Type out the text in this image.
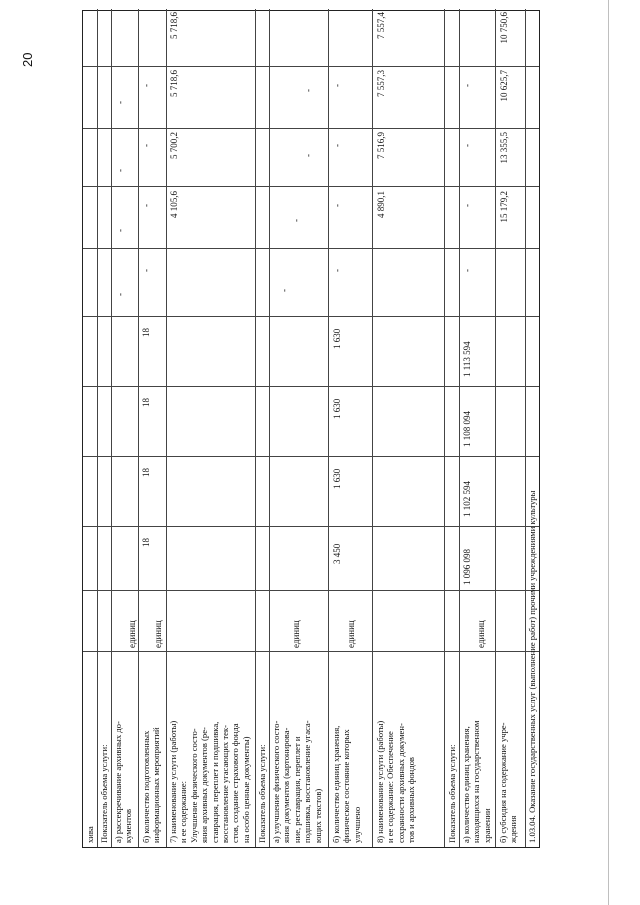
20
хива Показатель объема услуги: а) рассекречивание архивных до-
кументов
единиц
-
-
-
-
б) количество подготовленных
информационных мероприятий
единиц
18
18
18
18
-
-
-
-
7) наименование услуги (работы)
и ее содержание:
Улучшение физического состо-
яния архивных документов (ре-
ставрация, переплет и подшивка,
восстановление угасающих тек-
стов, создание страхового фонда
на особо ценные документы)
4 105,6
5 700,2
5 718,6
5 718,6
Показатель объема услуги: а) улучшение физического состо-
яния документов (картонирова-
ние, реставрация, переплет и
подшивка, восстановление угаса-
ющих текстов)
единиц
-
-
-
-
б) количество единиц хранения,
физическое состояние которых
улучшено
единиц
3 450
1 630
1 630
1 630
-
-
-
-
8) наименование услуги (работы)
и ее содержание: Обеспечение
сохранности архивных докумен-
тов и архивных фондов
4 890,1
7 516,9
7 557,3
7 557,4
Показатель объема услуги: а) количество единиц хранения,
находящихся на государственном
хранении
единиц
1 096 098
1 102 594
1 108 094
1 113 594
-
-
-
-
б) субсидия на содержание учре-
ждения
15 179,2
13 355,5
10 625,7
10 750,6
1.03.04. Оказание государственных услуг (выполнение работ) прочими учреждениями культуры
